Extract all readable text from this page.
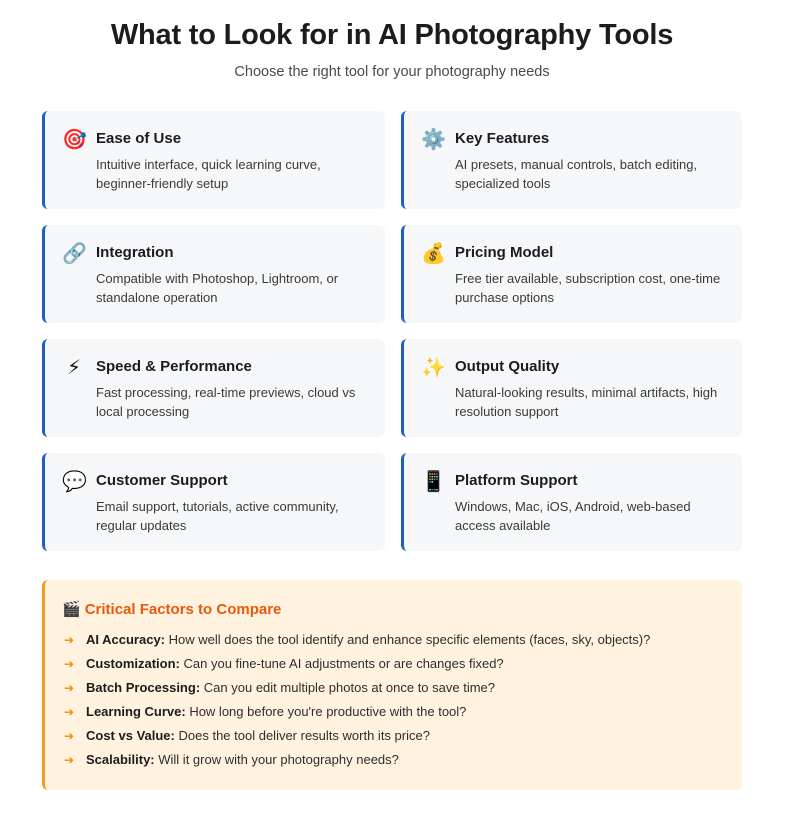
What to Look for in AI Photography Tools
Choose the right tool for your photography needs
🎯 Ease of Use

Intuitive interface, quick learning curve, beginner-friendly setup

⚙️ Key Features

AI presets, manual controls, batch editing, specialized tools

🔗 Integration

Compatible with Photoshop, Lightroom, or standalone operation

💰 Pricing Model

Free tier available, subscription cost, one-time purchase options

⚡ Speed & Performance

Fast processing, real-time previews, cloud vs local processing

✨ Output Quality

Natural-looking results, minimal artifacts, high resolution support

💬 Customer Support

Email support, tutorials, active community, regular updates

📱 Platform Support

Windows, Mac, iOS, Android, web-based access available

🎬 Critical Factors to Compare
➔ AI Accuracy: How well does the tool identify and enhance specific elements (faces, sky, objects)?
➔ Customization: Can you fine-tune AI adjustments or are changes fixed?
➔ Batch Processing: Can you edit multiple photos at once to save time?
➔ Learning Curve: How long before you're productive with the tool?
➔ Cost vs Value: Does the tool deliver results worth its price?
➔ Scalability: Will it grow with your photography needs?
